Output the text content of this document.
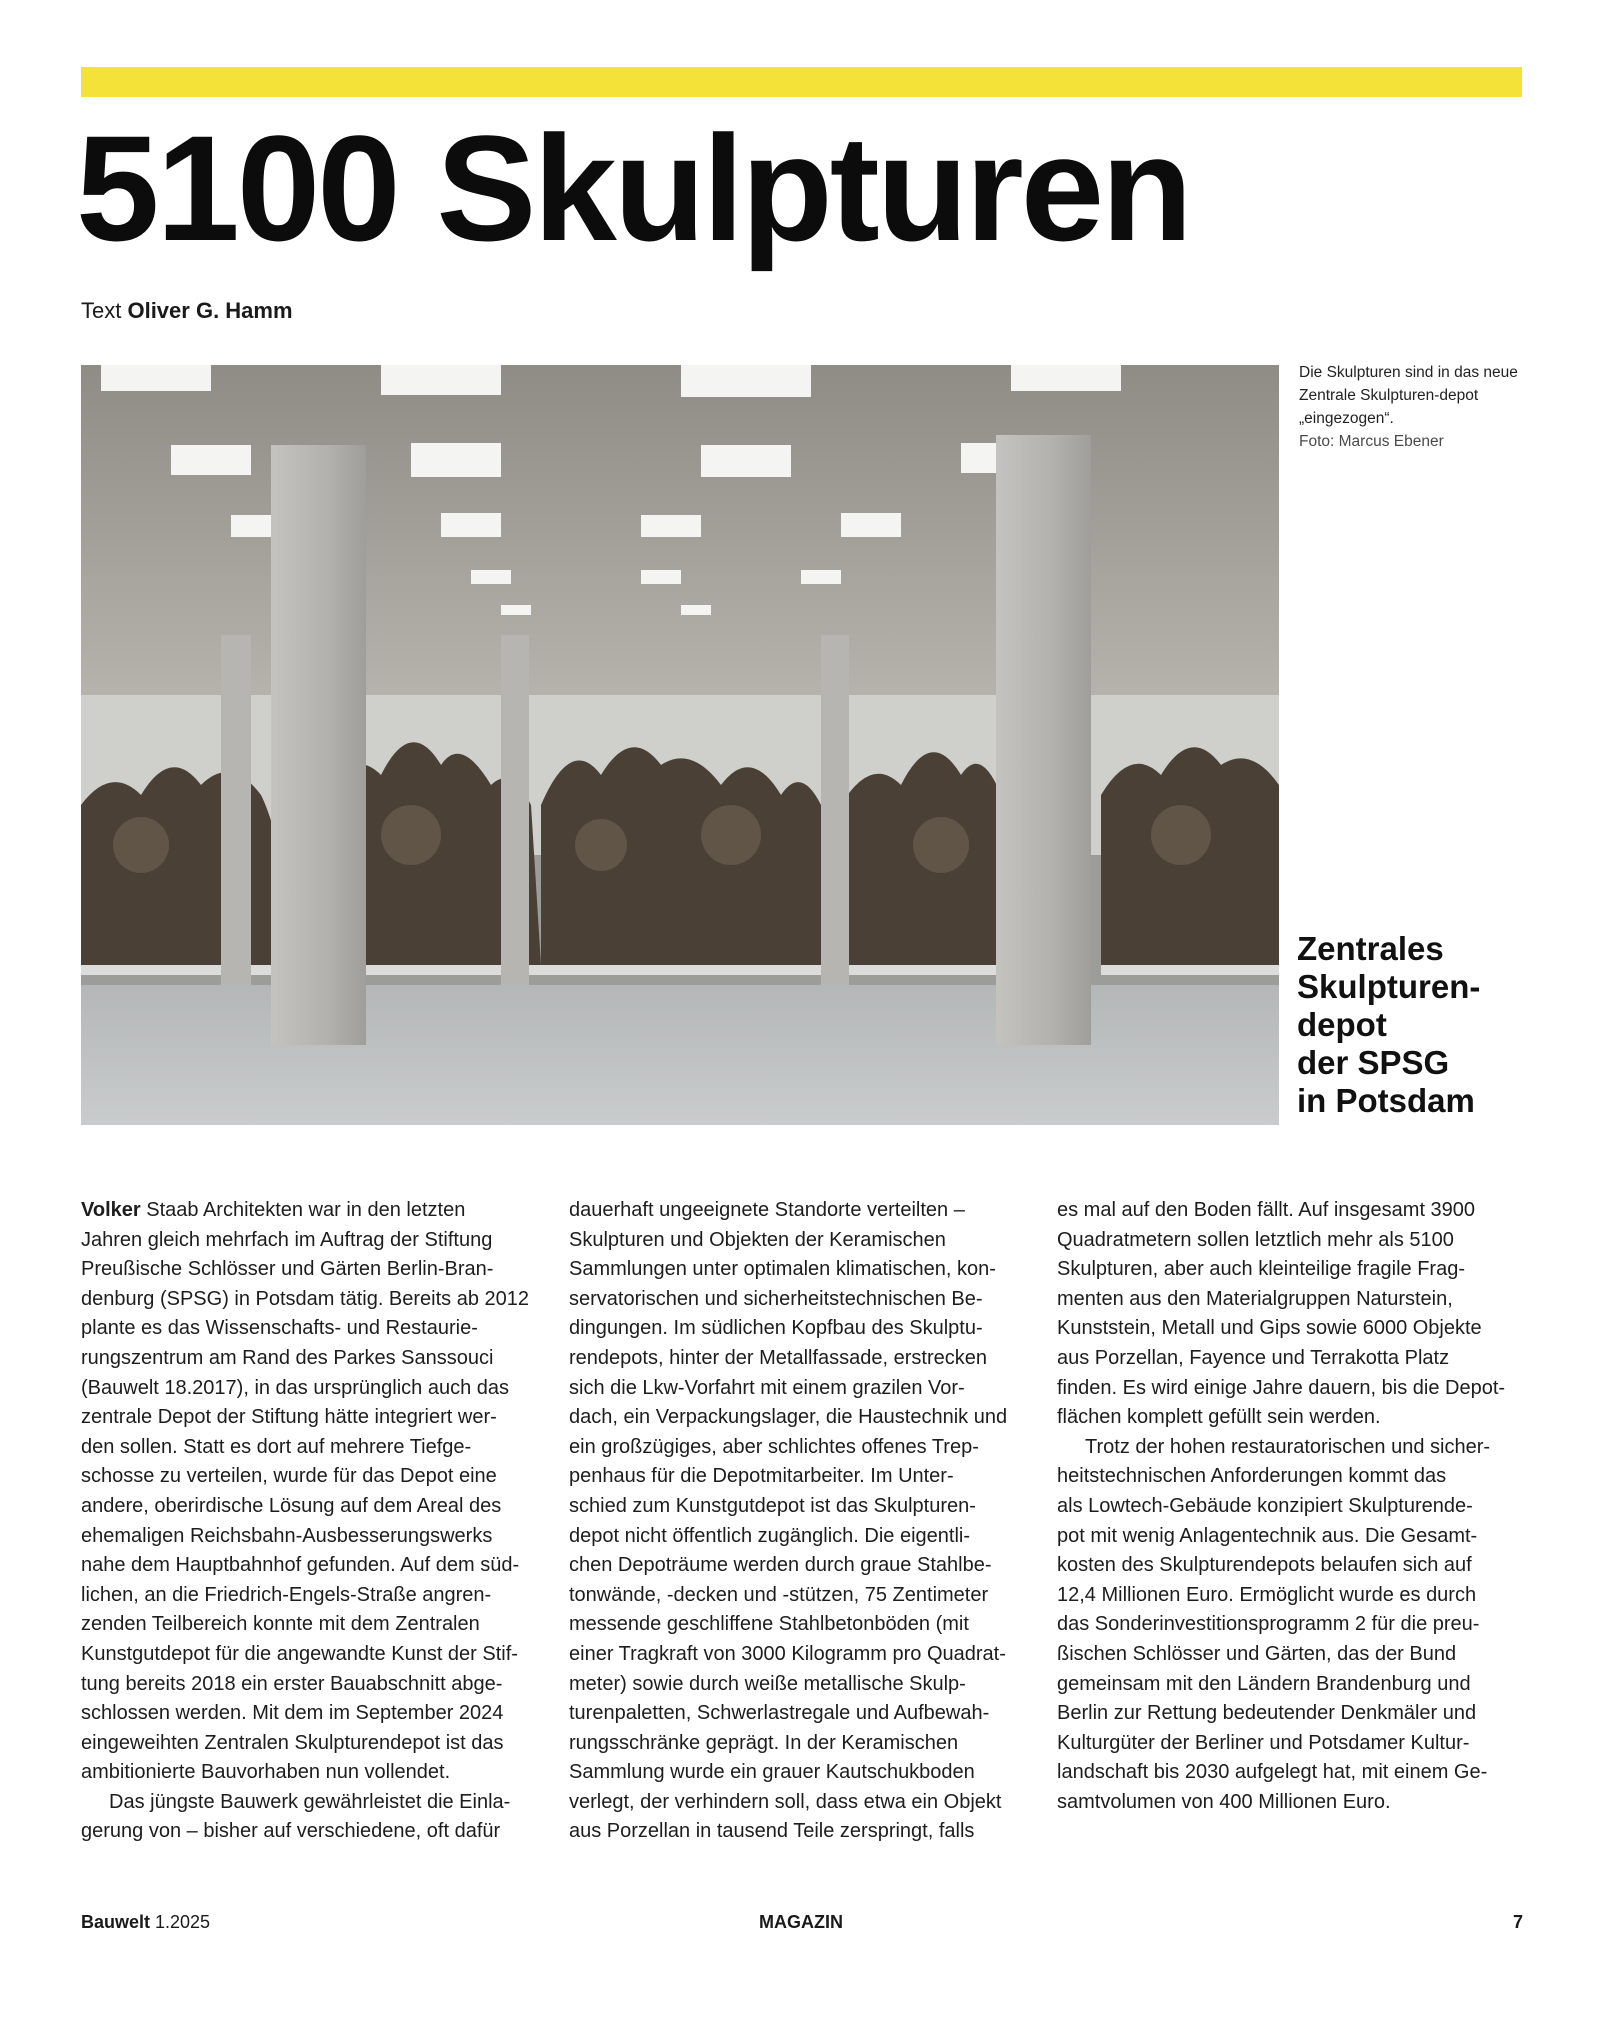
5100 Skulpturen
Text Oliver G. Hamm
Die Skulpturen sind in das neue Zentrale Skulpturen-depot „eingezogen“.
Foto: Marcus Ebener
Zentrales Skulpturen-
depot
der SPSG
in Potsdam

Volker Staab Architekten war in den letzten
Jahren gleich mehrfach im Auftrag der Stiftung
Preußische Schlösser und Gärten Berlin-Bran-
denburg (SPSG) in Potsdam tätig. Bereits ab 2012
plante es das Wissenschafts- und Restaurie-
rungszentrum am Rand des Parkes Sanssouci
(Bauwelt 18.2017), in das ursprünglich auch das
zentrale Depot der Stiftung hätte integriert wer-
den sollen. Statt es dort auf mehrere Tiefge-
schosse zu verteilen, wurde für das Depot eine
andere, oberirdische Lösung auf dem Areal des
ehemaligen Reichsbahn-Ausbesserungswerks
nahe dem Hauptbahnhof gefunden. Auf dem süd-
lichen, an die Friedrich-Engels-Straße angren-
zenden Teilbereich konnte mit dem Zentralen
Kunstgutdepot für die angewandte Kunst der Stif-
tung bereits 2018 ein erster Bauabschnitt abge-
schlossen werden. Mit dem im September 2024
eingeweihten Zentralen Skulpturendepot ist das
ambitionierte Bauvorhaben nun vollendet.

Das jüngste Bauwerk gewährleistet die Einla-
gerung von – bisher auf verschiedene, oft dafür

dauerhaft ungeeignete Standorte verteilten –
Skulpturen und Objekten der Keramischen
Sammlungen unter optimalen klimatischen, kon-
servatorischen und sicherheitstechnischen Be-
dingungen. Im südlichen Kopfbau des Skulptu-
rendepots, hinter der Metallfassade, erstrecken
sich die Lkw-Vorfahrt mit einem grazilen Vor-
dach, ein Verpackungslager, die Haustechnik und
ein großzügiges, aber schlichtes offenes Trep-
penhaus für die Depotmitarbeiter. Im Unter-
schied zum Kunstgutdepot ist das Skulpturen-
depot nicht öffentlich zugänglich. Die eigentli-
chen Depoträume werden durch graue Stahlbe-
tonwände, -decken und -stützen, 75 Zentimeter
messende geschliffene Stahlbetonböden (mit
einer Tragkraft von 3000 Kilogramm pro Quadrat-
meter) sowie durch weiße metallische Skulp-
turenpaletten, Schwerlastregale und Aufbewah-
rungsschränke geprägt. In der Keramischen
Sammlung wurde ein grauer Kautschukboden
verlegt, der verhindern soll, dass etwa ein Objekt
aus Porzellan in tausend Teile zerspringt, falls

es mal auf den Boden fällt. Auf insgesamt 3900
Quadratmetern sollen letztlich mehr als 5100
Skulpturen, aber auch kleinteilige fragile Frag-
menten aus den Materialgruppen Naturstein,
Kunststein, Metall und Gips sowie 6000 Objekte
aus Porzellan, Fayence und Terrakotta Platz
finden. Es wird einige Jahre dauern, bis die Depot-
flächen komplett gefüllt sein werden.

Trotz der hohen restauratorischen und sicher-
heitstechnischen Anforderungen kommt das
als Lowtech-Gebäude konzipiert Skulpturende-
pot mit wenig Anlagentechnik aus. Die Gesamt-
kosten des Skulpturendepots belaufen sich auf
12,4 Millionen Euro. Ermöglicht wurde es durch
das Sonderinvestitionsprogramm 2 für die preu-
ßischen Schlösser und Gärten, das der Bund
gemeinsam mit den Ländern Brandenburg und
Berlin zur Rettung bedeutender Denkmäler und
Kulturgüter der Berliner und Potsdamer Kultur-
landschaft bis 2030 aufgelegt hat, mit einem Ge-
samtvolumen von 400 Millionen Euro.

Bauwelt 1.2025	MAGAZIN	7
